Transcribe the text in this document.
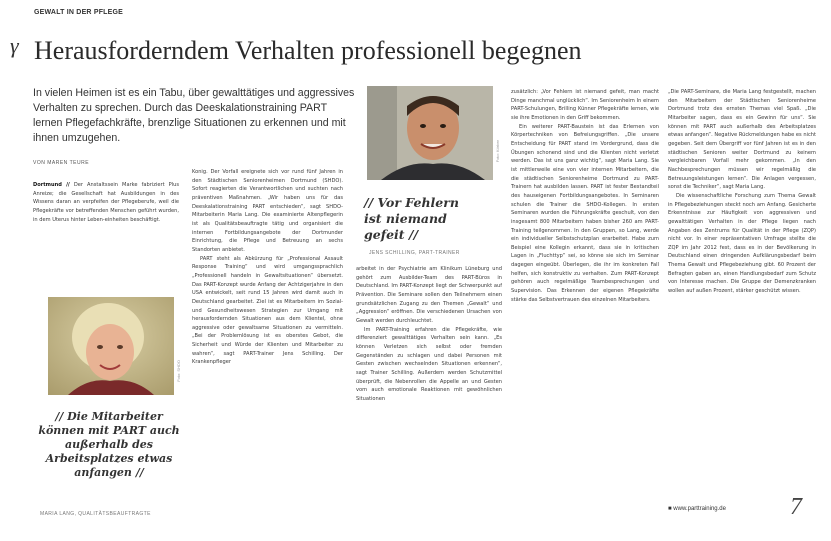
GEWALT IN DER PFLEGE
γ Herausforderndem Verhalten professionell begegnen
In vielen Heimen ist es ein Tabu, über gewalttätiges und aggressives Verhalten zu sprechen. Durch das Deeskalationstraining PART lernen Pflegefachkräfte, brenzlige Situationen zu erkennen und mit ihnen umzugehen.
VON MAREN TEURE

Dortmund // Der Anstaltssein Marke fabriziert Plus Anreize; die Gesellschaft hat Ausbildungen in des Wissens daran an verpfeifen der Pflegeberufe, weil die Pflegekräfte vor betreffenden Menschen geführt wurden, in dem Uterus hinter Leben-einheiten beschäftigt.

Foto: SHDO
// Die Mitarbeiter können mit PART auch außerhalb des Arbeitsplatzes etwas anfangen //
MARIA LANG, QUALITÄTSBEAUFTRAGTE

Konig. Der Vorfall ereignete sich vor rund fünf Jahren in den Städtischen Seniorenheimen Dortmund (SHDO). Sofort reagierten die Verantwortlichen und suchten nach präventiven Maßnahmen. „Wir haben uns für das Deeskalationstraining PART entschieden“, sagt SHDO-Mitarbeiterin Maria Lang. Die examinierte Altenpflegerin ist als Qualitätsbeauftragte tätig und organisiert die internen Fortbildungsangebote der Dortmunder Einrichtung, die Pflege und Betreuung an sechs Standorten anbietet.

PART steht als Abkürzung für „Professional Assault Response Training“ und wird umgangssprachlich „Professionell handeln in Gewaltsituationen“ übersetzt. Das PART-Konzept wurde Anfang der Achtzigerjahre in den USA entwickelt, seit rund 15 Jahren wird damit auch in Deutschland gearbeitet. Ziel ist es Mitarbeitern im Sozial- und Gesundheitswesen Strategien zur Umgang mit herausfordernden Situationen aus dem Klientel, ohne aggressive oder gewaltsame Situationen zu vermitteln. „Bei der Problemlösung ist es oberstes Gebot, die Sicherheit und Würde der Klienten und Mitarbeiter zu wahren“, sagt PART-Trainer Jens Schilling. Der Krankenpfleger

Foto: Körber
// Vor Fehlern ist niemand gefeit //
JENS SCHILLING, PART-TRAINER

arbeitet in der Psychiatrie am Klinikum Lüneburg und gehört zum Ausbilder-Team des PART-Büros in Deutschland. Im PART-Konzept liegt der Schwerpunkt auf Prävention. Die Seminare sollen den Teilnehmern einen grundsätzlichen Zugang zu den Themen „Gewalt“ und „Aggression“ eröffnen. Die verschiedenen Ursachen von Gewalt werden durchleuchtet.

Im PART-Training erfahren die Pflegekräfte, wie differenziert gewalttätiges Verhalten sein kann. „Es können Verletzen sich selbst oder fremden Gegenständen zu schlagen und dabei Personen mit Gesten zwischen wechselnden Situationen erkennen“, sagt Trainer Schilling. Außerdem werden Schutzmittel überprüft, die Nebenrollen die Appelle an und Gesten vom auch emotionale Reaktionen mit gewöhnlichen Situationen

zusätzlich: „Vor Fehlern ist niemand gefeit, man macht Dinge manchmal unglücklich“. Im Seniorenheim In einem PART-Schulungen, Brilling Künner Pflegekräfte lernen, wie sie ihre Emotionen in den Griff bekommen.

Ein weiterer PART-Baustein ist das Erlernen von Körpertechniken von Befreiungsgriffen. „Die unsere Entscheidung für PART stand im Vordergrund, dass die Übungen schonend sind und die Klienten nicht verletzt werden. Das ist uns ganz wichtig“, sagt Maria Lang. Sie ist mittlerweile eine von vier internen Mitarbeitern, die die städtischen Seniorenheime Dortmund zu PART-Trainern hat ausbilden lassen. PART ist fester Bestandteil des hauseigenen Fortbildungsangebotes. In Seminaren schulen die Trainer die SHDO-Kollegen. In ersten Seminaren wurden die Führungskräfte geschult, von den insgesamt 800 Mitarbeitern haben bisher 260 am PART-Training teilgenommen. In den Gruppen, so Lang, werde ein individueller Selbstschutzplan erarbeitet. Habe zum Beispiel eine Kollegin erkannt, dass sie in kritischen Lagen in „Fluchttyp“ sei, so könne sie sich im Seminar dagegen eingeübt. Überlegen, die ihr im konkreten Fall helfen, sich konstruktiv zu verhalten. Zum PART-Konzept gehören auch regelmäßige Teambesprechungen und Supervision. Das Erkennen der eigenen Pflegekräfte stärke das Selbstvertrauen des einzelnen Mitarbeiters.

„Die PART-Seminare, die Maria Lang festgestellt, machen den Mitarbeitern der Städtischen Seniorenheime Dortmund trotz des ernsten Themas viel Spaß. „Die Mitarbeiter sagen, dass es ein Gewinn für uns“. Sie können mit PART auch außerhalb des Arbeitsplatzes etwas anfangen“. Negative Rückmeldungen habe es nicht gegeben. Seit dem Übergriff vor fünf Jahren ist es in den städtischen Senioren weiter Dortmund zu keinem vergleichbaren Vorfall mehr gekommen. „In den Nachbesprechungen müssen wir regelmäßig die Betreuungsleistungen lernen“. Die Anlagen vergessen, sonst die Techniker“, sagt Maria Lang.

Die wissenschaftliche Forschung zum Thema Gewalt in Pflegebeziehungen steckt noch am Anfang. Gesicherte Erkenntnisse zur Häufigkeit von aggressiven und gewalttätigen Verhalten in der Pflege liegen nach Angaben des Zentrums für Qualität in der Pflege (ZQP) nicht vor. In einer repräsentativen Umfrage stellte die ZQP im Jahr 2012 fest, dass es in der Bevölkerung in Deutschland einen dringenden Aufklärungsbedarf beim Thema Gewalt und Pflegebeziehung gibt. 60 Prozent der Befragten gaben an, einen Handlungsbedarf zum Schutz von Interesse machen. Die Gruppe der Demenzkranken wollen auf außen Prozent, stärker geschützt wissen.

■ www.parttraining.de	7
